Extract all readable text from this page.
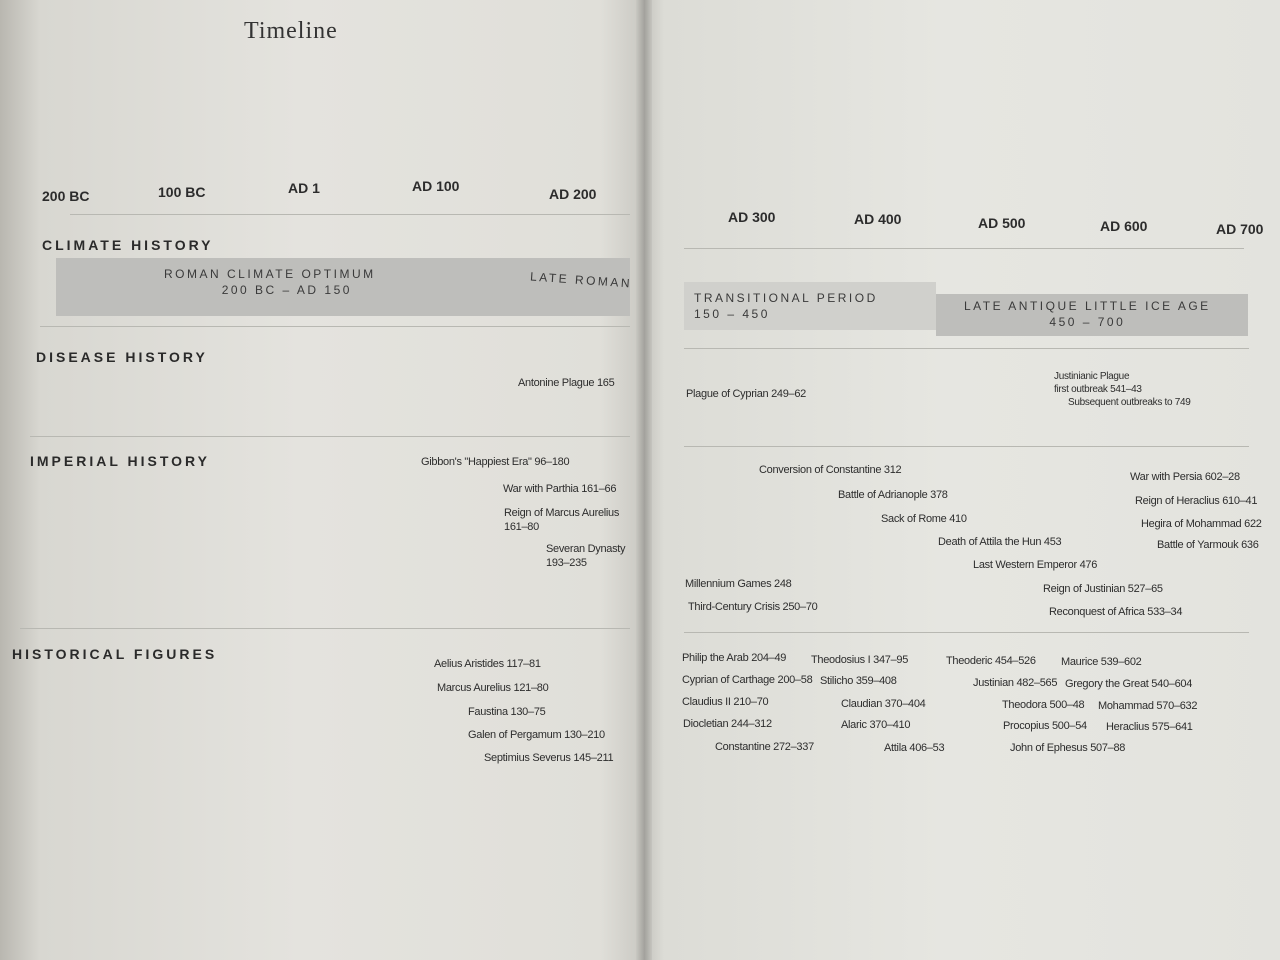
Timeline
200 BC	100 BC	AD 1	AD 100	AD 200
CLIMATE HISTORY
ROMAN CLIMATE OPTIMUM
200 BC – AD 150	LATE ROMAN
DISEASE HISTORY
Antonine Plague 165
IMPERIAL HISTORY	Gibbon's "Happiest Era" 96–180
War with Parthia 161–66
Reign of Marcus Aurelius
161–80
Severan Dynasty
193–235
HISTORICAL FIGURES
Aelius Aristides 117–81
Marcus Aurelius 121–80
Faustina 130–75
Galen of Pergamum 130–210
Septimius Severus 145–211
AD 300	AD 400	AD 500	AD 600	AD 700
TRANSITIONAL PERIOD
150 – 450
LATE ANTIQUE LITTLE ICE AGE
450 – 700
Plague of Cyprian 249–62
Justinianic Plague
first outbreak 541–43
Subsequent outbreaks to 749
Conversion of Constantine 312
Battle of Adrianople 378
Sack of Rome 410
Death of Attila the Hun 453
Last Western Emperor 476
Millennium Games 248
Third-Century Crisis 250–70
Reign of Justinian 527–65
Reconquest of Africa 533–34
War with Persia 602–28
Reign of Heraclius 610–41
Hegira of Mohammad 622
Battle of Yarmouk 636
Philip the Arab 204–49
Cyprian of Carthage 200–58
Claudius II 210–70
Diocletian 244–312
Constantine 272–337
Theodosius I 347–95
Stilicho 359–408
Claudian 370–404
Alaric 370–410
Attila 406–53
Theoderic 454–526
Justinian 482–565
Theodora 500–48
Procopius 500–54
John of Ephesus 507–88
Maurice 539–602
Gregory the Great 540–604
Mohammad 570–632
Heraclius 575–641
